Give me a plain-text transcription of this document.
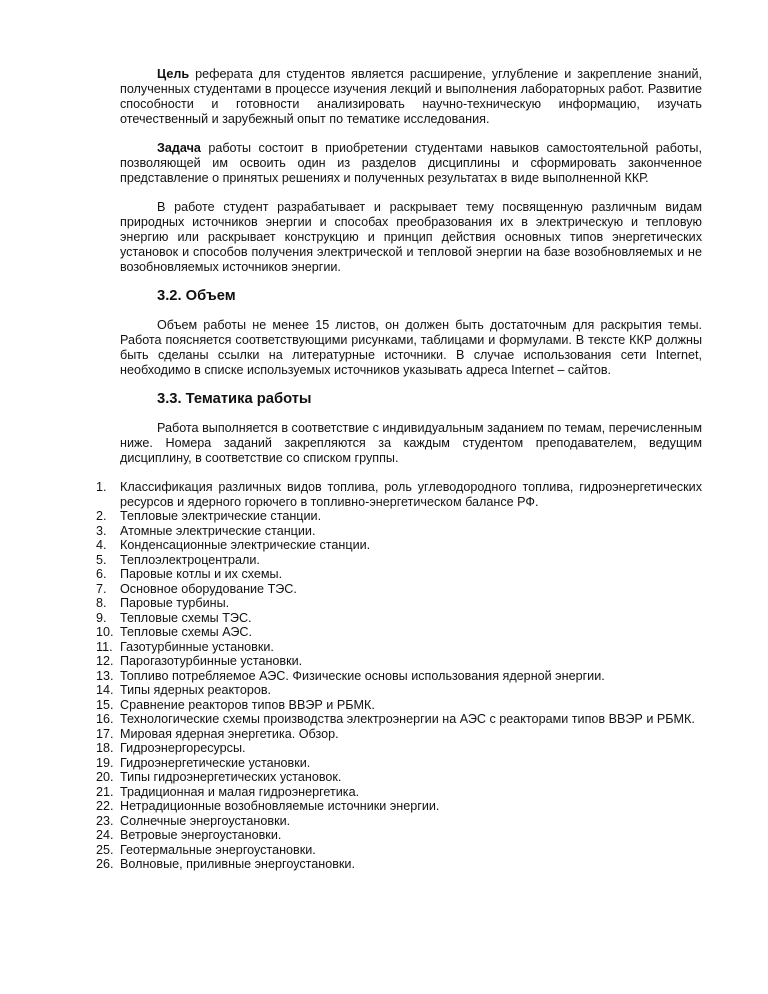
Цель реферата для студентов является расширение, углубление и закрепление знаний, полученных студентами в процессе изучения лекций и выполнения лабораторных работ. Развитие способности и готовности анализировать научно-техническую информацию, изучать отечественный и зарубежный опыт по тематике исследования.

Задача работы состоит в приобретении студентами навыков самостоятельной работы, позволяющей им освоить один из разделов дисциплины и сформировать законченное представление о принятых решениях и полученных результатах в виде выполненной ККР.

В работе студент разрабатывает и раскрывает тему посвященную различным видам природных источников энергии и способах преобразования их в электрическую и тепловую энергию или раскрывает конструкцию и принцип действия основных типов энергетических установок и способов получения электрической и тепловой энергии на базе возобновляемых и не возобновляемых источников энергии.

3.2. Объем

Объем работы не менее 15 листов, он должен быть достаточным для раскрытия темы. Работа поясняется соответствующими рисунками, таблицами и формулами. В тексте ККР должны быть сделаны ссылки на литературные источники. В случае использования сети Internet, необходимо в списке используемых источников указывать адреса Internet – сайтов.

3.3. Тематика работы

Работа выполняется в соответствие с индивидуальным заданием по темам, перечисленным ниже. Номера заданий закрепляются за каждым студентом преподавателем, ведущим дисциплину, в соответствие со списком группы.

1.	Классификация различных видов топлива, роль углеводородного топлива, гидроэнергетических ресурсов и ядерного горючего в топливно-энергетическом балансе РФ.
2.	Тепловые электрические станции.
3.	Атомные электрические станции.
4.	Конденсационные электрические станции.
5.	Теплоэлектроцентрали.
6.	Паровые котлы и их схемы.
7.	Основное оборудование ТЭС.
8.	Паровые турбины.
9.	Тепловые схемы ТЭС.
10. Тепловые схемы АЭС.
11. Газотурбинные установки.
12. Парогазотурбинные установки.
13. Топливо потребляемое АЭС. Физические основы использования ядерной энергии.
14. Типы ядерных реакторов.
15. Сравнение реакторов типов ВВЭР и РБМК.
16. Технологические схемы производства электроэнергии на АЭС с реакторами типов ВВЭР и РБМК.
17. Мировая ядерная энергетика. Обзор.
18. Гидроэнергоресурсы.
19. Гидроэнергетические установки.
20. Типы гидроэнергетических установок.
21. Традиционная и малая гидроэнергетика.
22. Нетрадиционные возобновляемые источники энергии.
23. Солнечные энергоустановки.
24. Ветровые энергоустановки.
25. Геотермальные энергоустановки.
26. Волновые, приливные энергоустановки.
